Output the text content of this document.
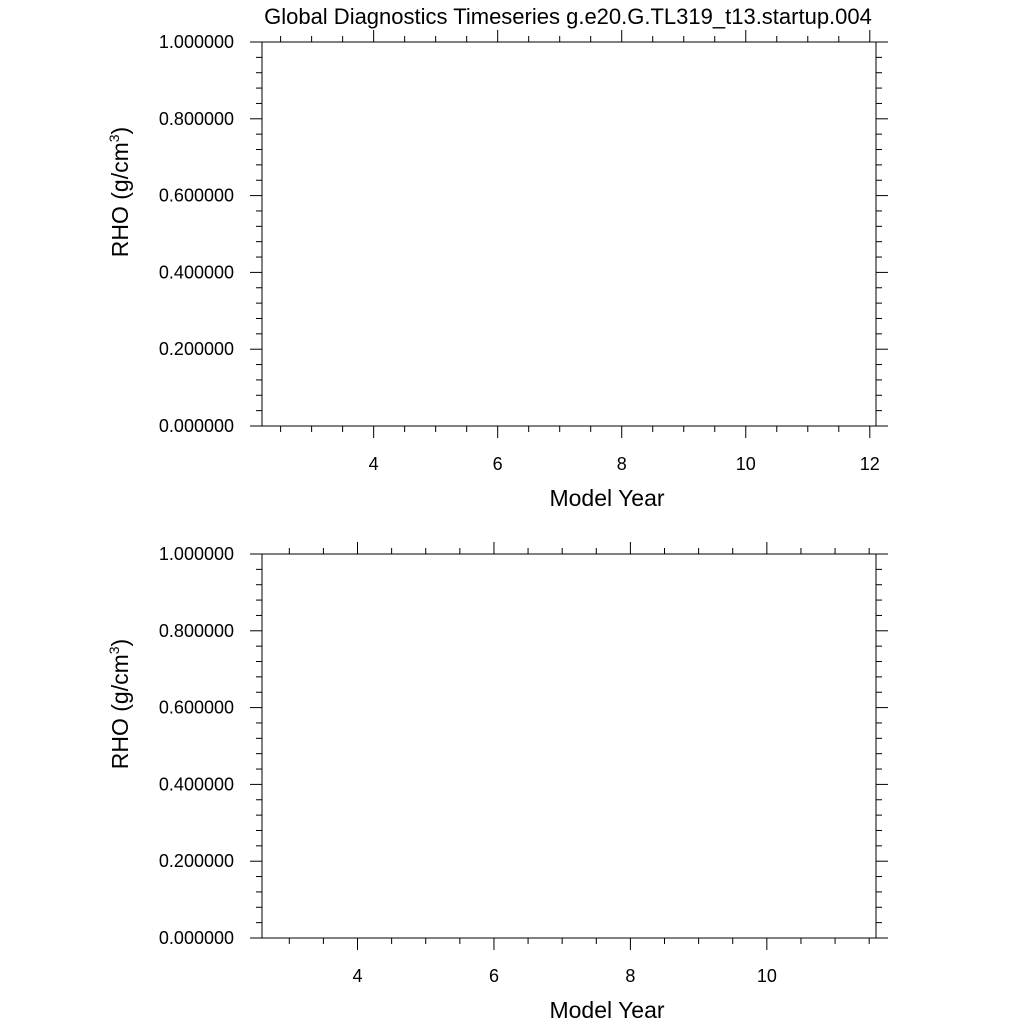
Global Diagnostics Timeseries g.e20.G.TL319_t13.startup.004
4	6	8	10	12
0.000000
0.200000
0.400000
0.600000
0.800000
1.000000
Model Year
RHO $(g/cm^3)$
4	6	8	10
0.000000
0.200000
0.400000
0.600000
0.800000
1.000000
Model Year
RHO $(g/cm^3)$
